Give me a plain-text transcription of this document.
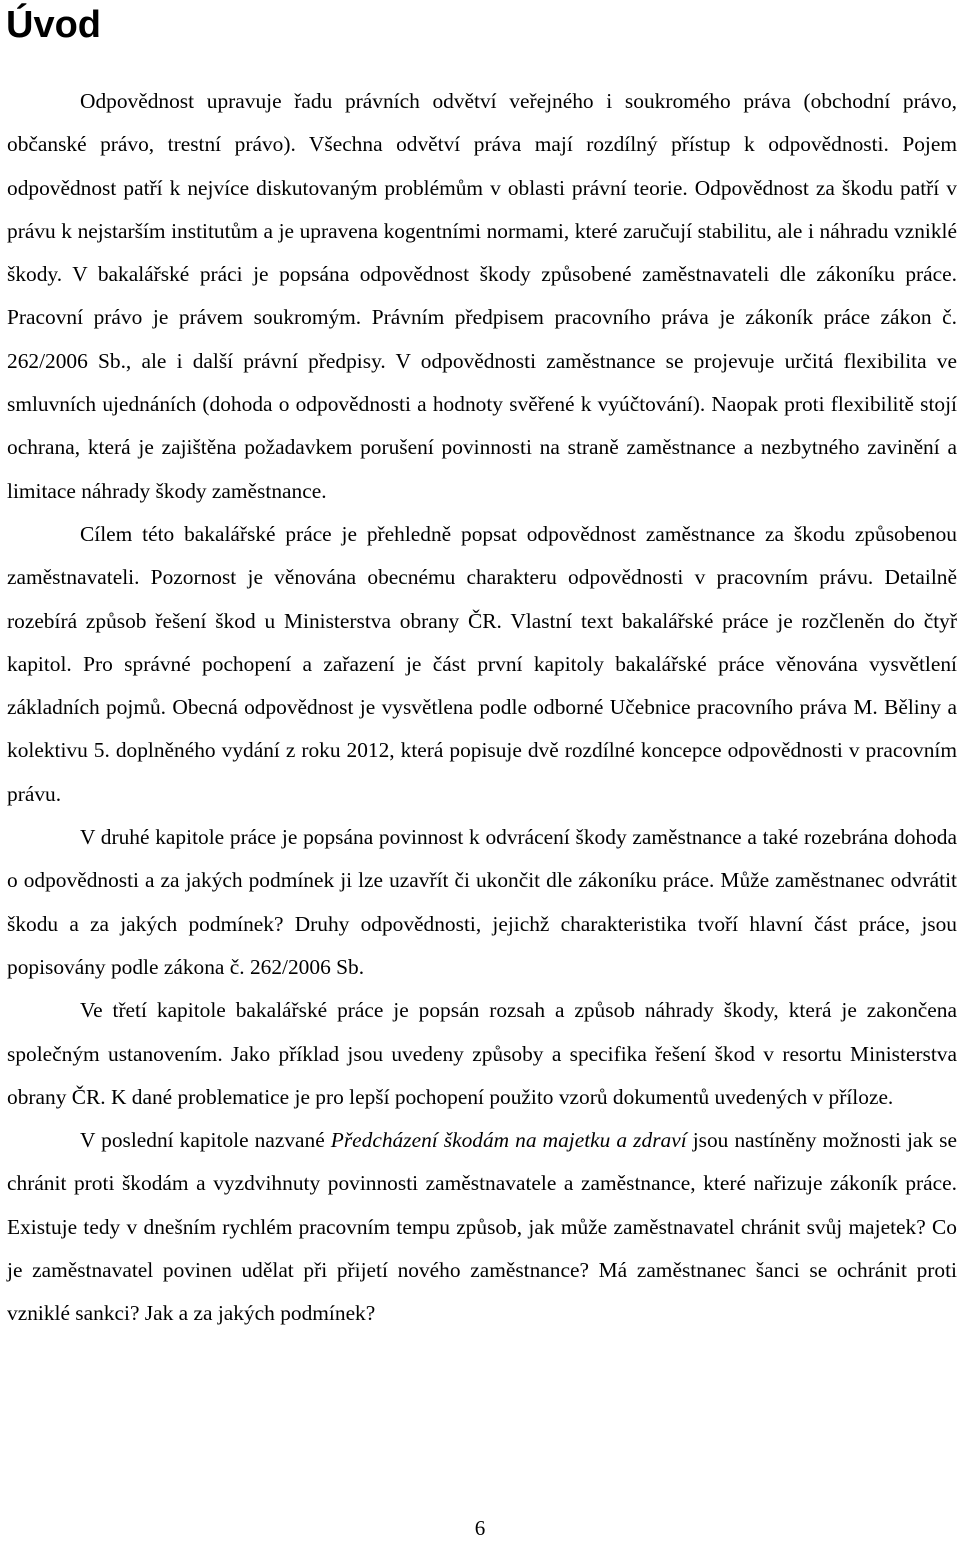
Úvod

Odpovědnost upravuje řadu právních odvětví veřejného i soukromého práva (obchodní právo, občanské právo, trestní právo). Všechna odvětví práva mají rozdílný přístup k odpovědnosti. Pojem odpovědnost patří k nejvíce diskutovaným problémům v oblasti právní teorie. Odpovědnost za škodu patří v právu k nejstarším institutům a je upravena kogentními normami, které zaručují stabilitu, ale i náhradu vzniklé škody. V bakalářské práci je popsána odpovědnost škody způsobené zaměstnavateli dle zákoníku práce. Pracovní právo je právem soukromým. Právním předpisem pracovního práva je zákoník práce zákon č. 262/2006 Sb., ale i další právní předpisy. V odpovědnosti zaměstnance se projevuje určitá flexibilita ve smluvních ujednáních (dohoda o odpovědnosti a hodnoty svěřené k vyúčtování). Naopak proti flexibilitě stojí ochrana, která je zajištěna požadavkem porušení povinnosti na straně zaměstnance a nezbytného zavinění a limitace náhrady škody zaměstnance.

Cílem této bakalářské práce je přehledně popsat odpovědnost zaměstnance za škodu způsobenou zaměstnavateli. Pozornost je věnována obecnému charakteru odpovědnosti v pracovním právu. Detailně rozebírá způsob řešení škod u Ministerstva obrany ČR. Vlastní text bakalářské práce je rozčleněn do čtyř kapitol. Pro správné pochopení a zařazení je část první kapitoly bakalářské práce věnována vysvětlení základních pojmů. Obecná odpovědnost je vysvětlena podle odborné Učebnice pracovního práva M. Běliny a kolektivu 5. doplněného vydání z roku 2012, která popisuje dvě rozdílné koncepce odpovědnosti v pracovním právu.

V druhé kapitole práce je popsána povinnost k odvrácení škody zaměstnance a také rozebrána dohoda o odpovědnosti a za jakých podmínek ji lze uzavřít či ukončit dle zákoníku práce. Může zaměstnanec odvrátit škodu a za jakých podmínek? Druhy odpovědnosti, jejichž charakteristika tvoří hlavní část práce, jsou popisovány podle zákona č. 262/2006 Sb.

Ve třetí kapitole bakalářské práce je popsán rozsah a způsob náhrady škody, která je zakončena společným ustanovením. Jako příklad jsou uvedeny způsoby a specifika řešení škod v resortu Ministerstva obrany ČR. K dané problematice je pro lepší pochopení použito vzorů dokumentů uvedených v příloze.

V poslední kapitole nazvané Předcházení škodám na majetku a zdraví jsou nastíněny možnosti jak se chránit proti škodám a vyzdvihnuty povinnosti zaměstnavatele a zaměstnance, které nařizuje zákoník práce. Existuje tedy v dnešním rychlém pracovním tempu způsob, jak může zaměstnavatel chránit svůj majetek? Co je zaměstnavatel povinen udělat při přijetí nového zaměstnance? Má zaměstnanec šanci se ochránit proti vzniklé sankci? Jak a za jakých podmínek?

6
